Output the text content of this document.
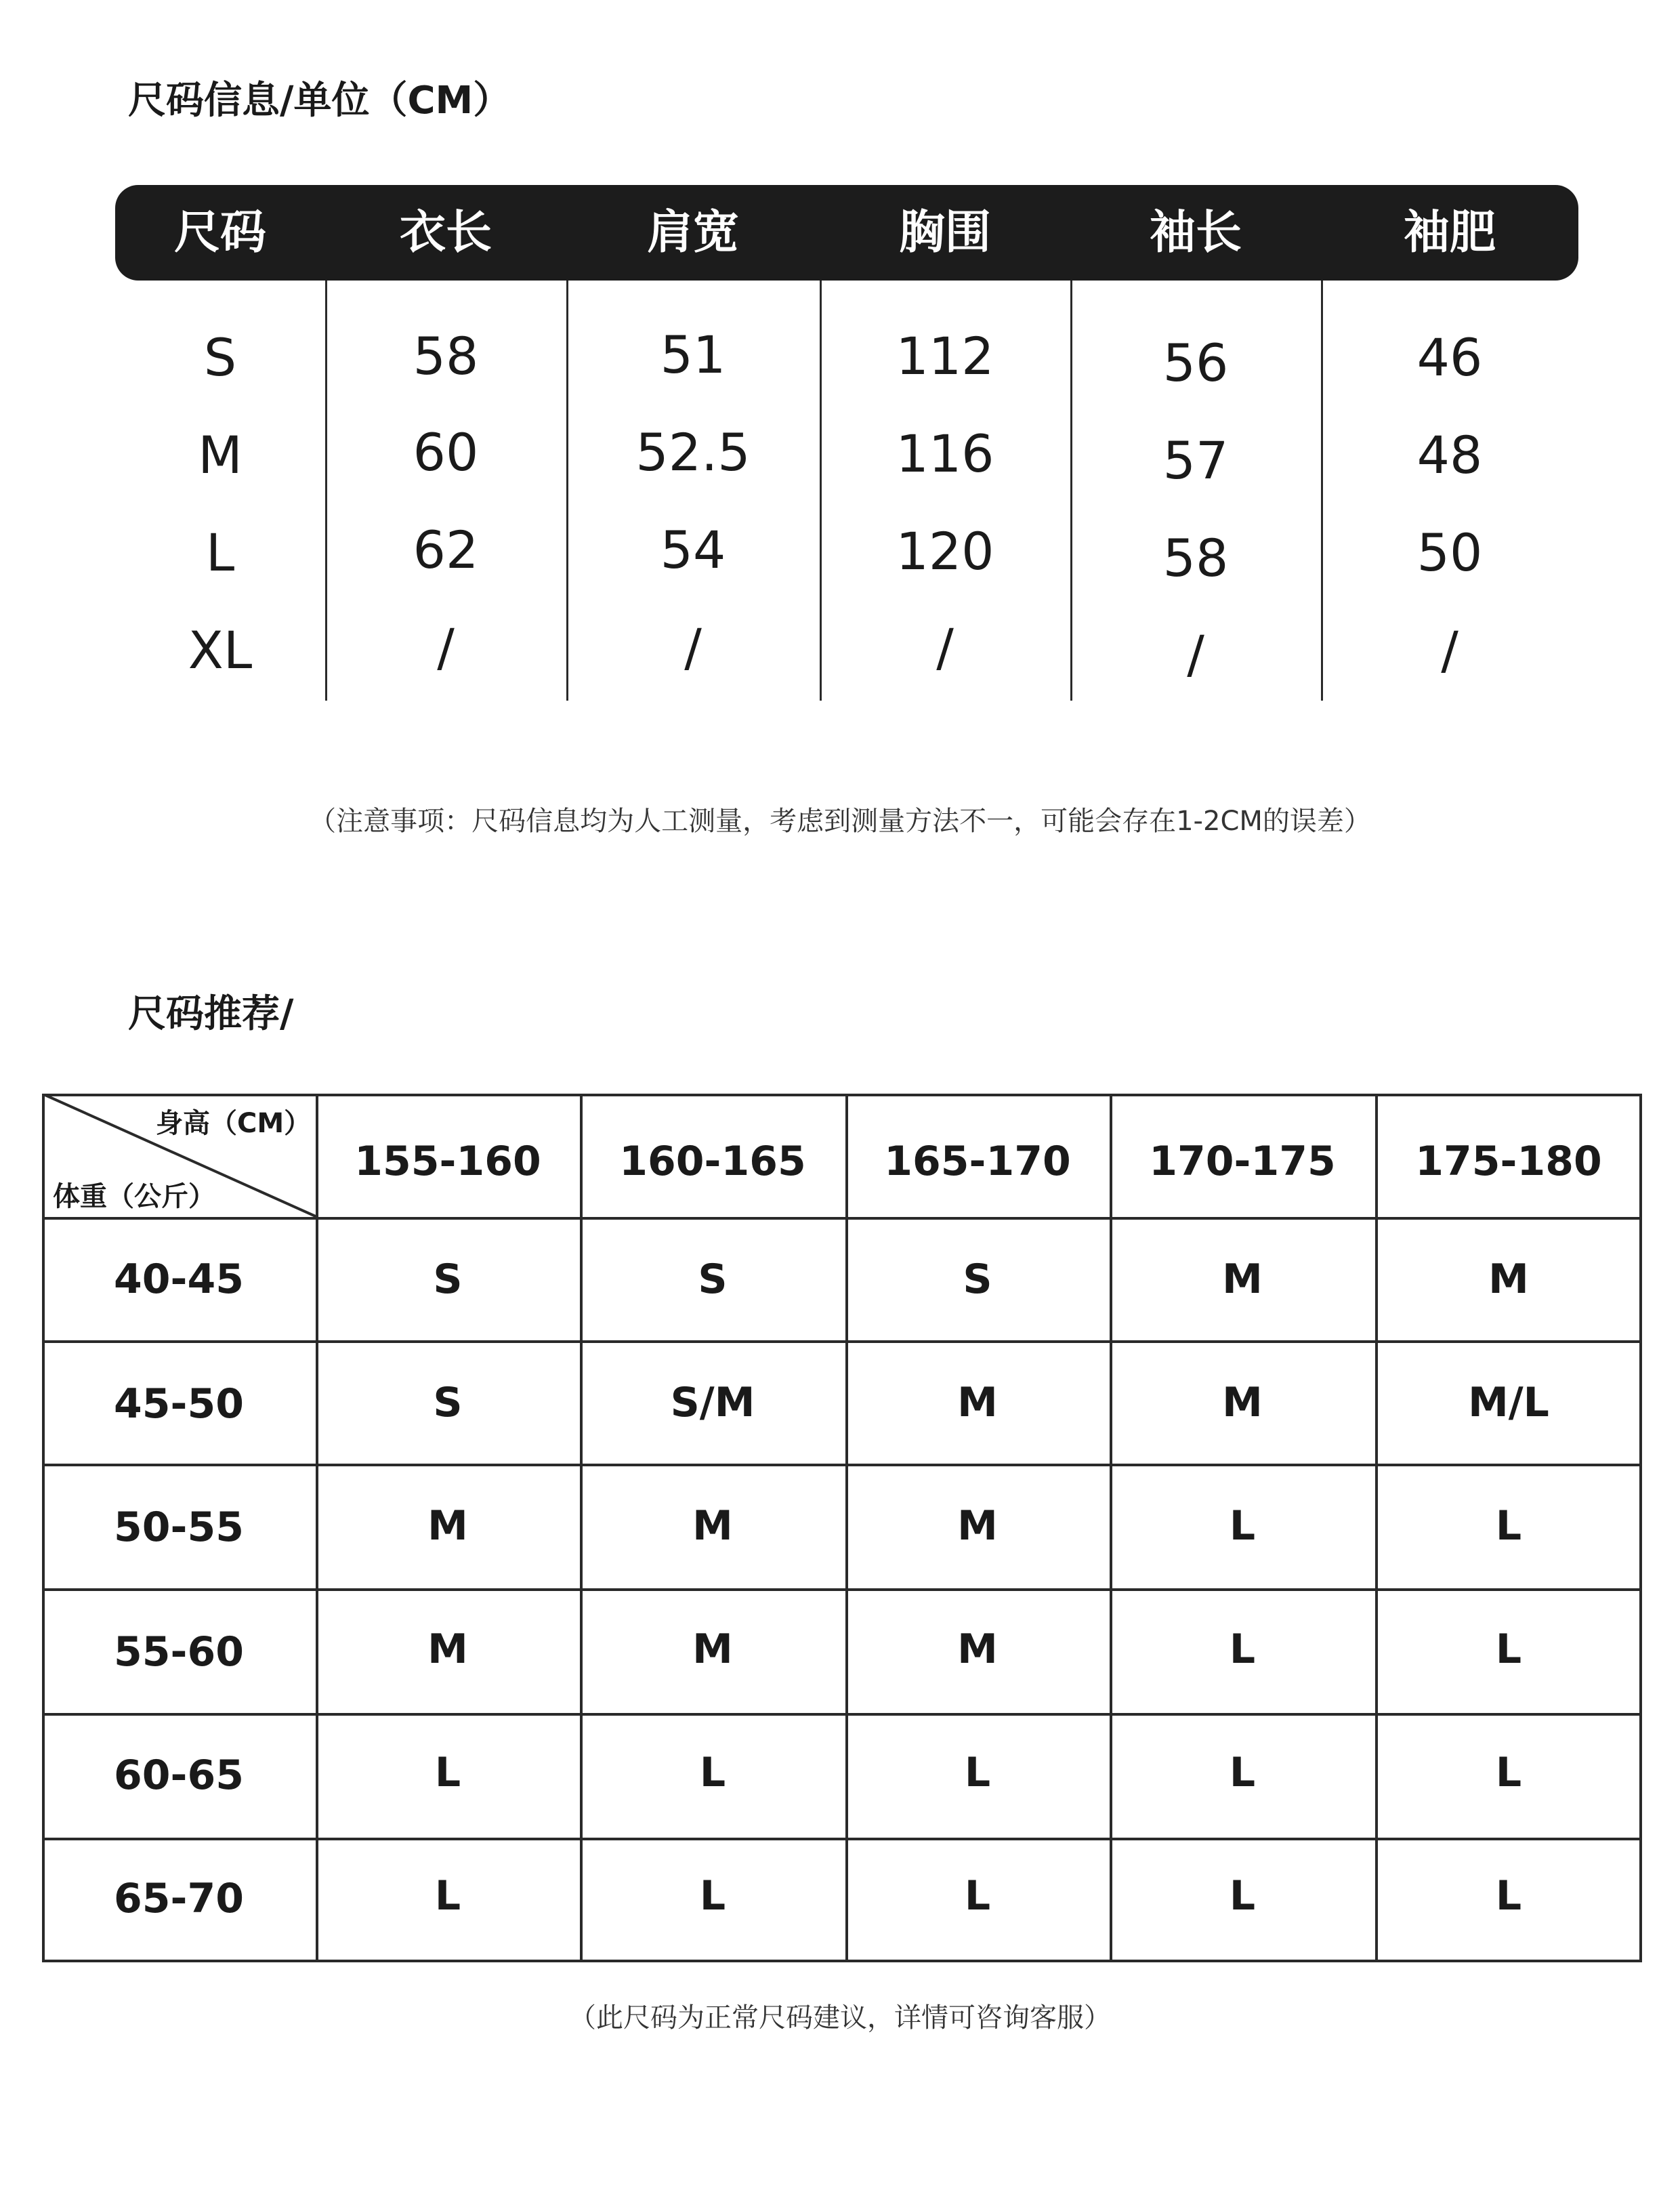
尺码信息/单位（CM）
尺码	衣长	肩宽	胸围	袖长	袖肥
S	58	51	112	56	46
M	60	52.5	116	57	48
L	62	54	120	58	50
XL	/	/	/	/	/
（注意事项：尺码信息均为人工测量，考虑到测量方法不一，可能会存在1-2CM的误差）
尺码推荐/
身高（CM）
体重（公斤）
155-160	160-165	165-170	170-175	175-180
40-45	S	S	S	M	M
45-50	S	S/M	M	M	M/L
50-55	M	M	M	L	L
55-60	M	M	M	L	L
60-65	L	L	L	L	L
65-70	L	L	L	L	L
（此尺码为正常尺码建议，详情可咨询客服）
